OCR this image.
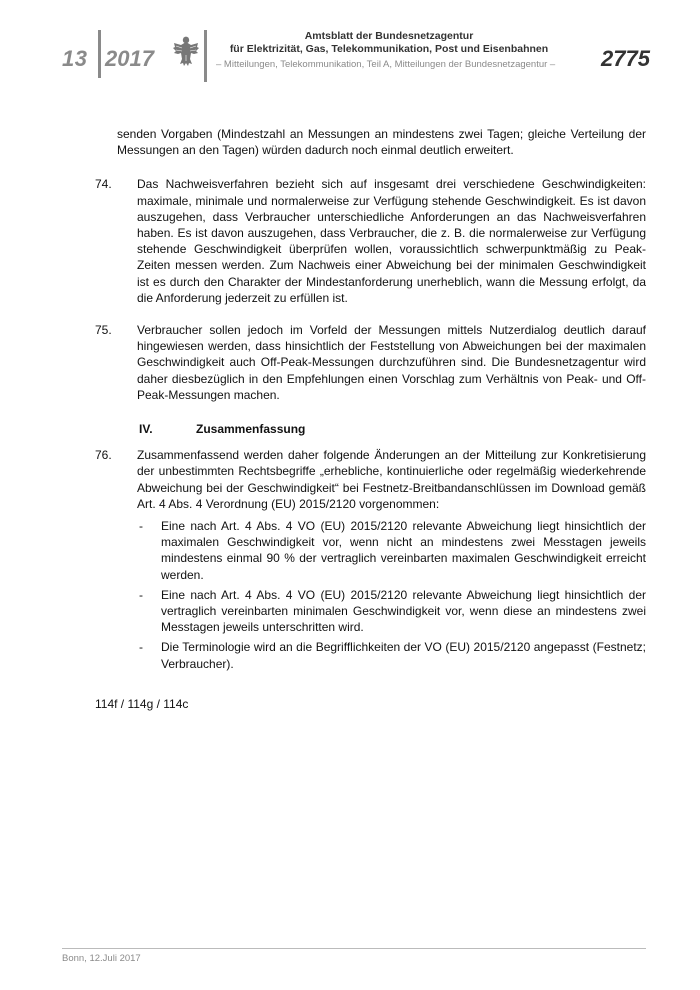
13 2017
Amtsblatt der Bundesnetzagentur
für Elektrizität, Gas, Telekommunikation, Post und Eisenbahnen
– Mitteilungen, Telekommunikation, Teil A, Mitteilungen der Bundesnetzagentur – 2775

senden Vorgaben (Mindestzahl an Messungen an mindestens zwei Tagen; gleiche Verteilung der Messungen an den Tagen) würden dadurch noch einmal deutlich erweitert.

74.	Das Nachweisverfahren bezieht sich auf insgesamt drei verschiedene Geschwindigkeiten: maximale, minimale und normalerweise zur Verfügung stehende Geschwindigkeit. Es ist davon auszugehen, dass Verbraucher unterschiedliche Anforderungen an das Nachweisverfahren haben. Es ist davon auszugehen, dass Verbraucher, die z. B. die normalerweise zur Verfügung stehende Geschwindigkeit überprüfen wollen, voraussichtlich schwerpunktmäßig zu Peak-Zeiten messen werden. Zum Nachweis einer Abweichung bei der minimalen Geschwindigkeit ist es durch den Charakter der Mindestanforderung unerheblich, wann die Messung erfolgt, da die Anforderung jederzeit zu erfüllen ist.
75.	Verbraucher sollen jedoch im Vorfeld der Messungen mittels Nutzerdialog deutlich darauf hingewiesen werden, dass hinsichtlich der Feststellung von Abweichungen bei der maximalen Geschwindigkeit auch Off-Peak-Messungen durchzuführen sind. Die Bundesnetzagentur wird daher diesbezüglich in den Empfehlungen einen Vorschlag zum Verhältnis von Peak- und Off-Peak-Messungen machen.
IV.	Zusammenfassung
76.	Zusammenfassend werden daher folgende Änderungen an der Mitteilung zur Konkretisierung der unbestimmten Rechtsbegriffe „erhebliche, kontinuierliche oder regelmäßig wiederkehrende Abweichung bei der Geschwindigkeit“ bei Festnetz-Breitbandanschlüssen im Download gemäß Art. 4 Abs. 4 Verordnung (EU) 2015/2120 vorgenommen:
-	Eine nach Art. 4 Abs. 4 VO (EU) 2015/2120 relevante Abweichung liegt hinsichtlich der maximalen Geschwindigkeit vor, wenn nicht an mindestens zwei Messtagen jeweils mindestens einmal 90 % der vertraglich vereinbarten maximalen Geschwindigkeit erreicht werden.
-	Eine nach Art. 4 Abs. 4 VO (EU) 2015/2120 relevante Abweichung liegt hinsichtlich der vertraglich vereinbarten minimalen Geschwindigkeit vor, wenn diese an mindestens zwei Messtagen jeweils unterschritten wird.
-	Die Terminologie wird an die Begrifflichkeiten der VO (EU) 2015/2120 angepasst (Festnetz; Verbraucher).
114f / 114g / 114c
Bonn, 12.Juli 2017
